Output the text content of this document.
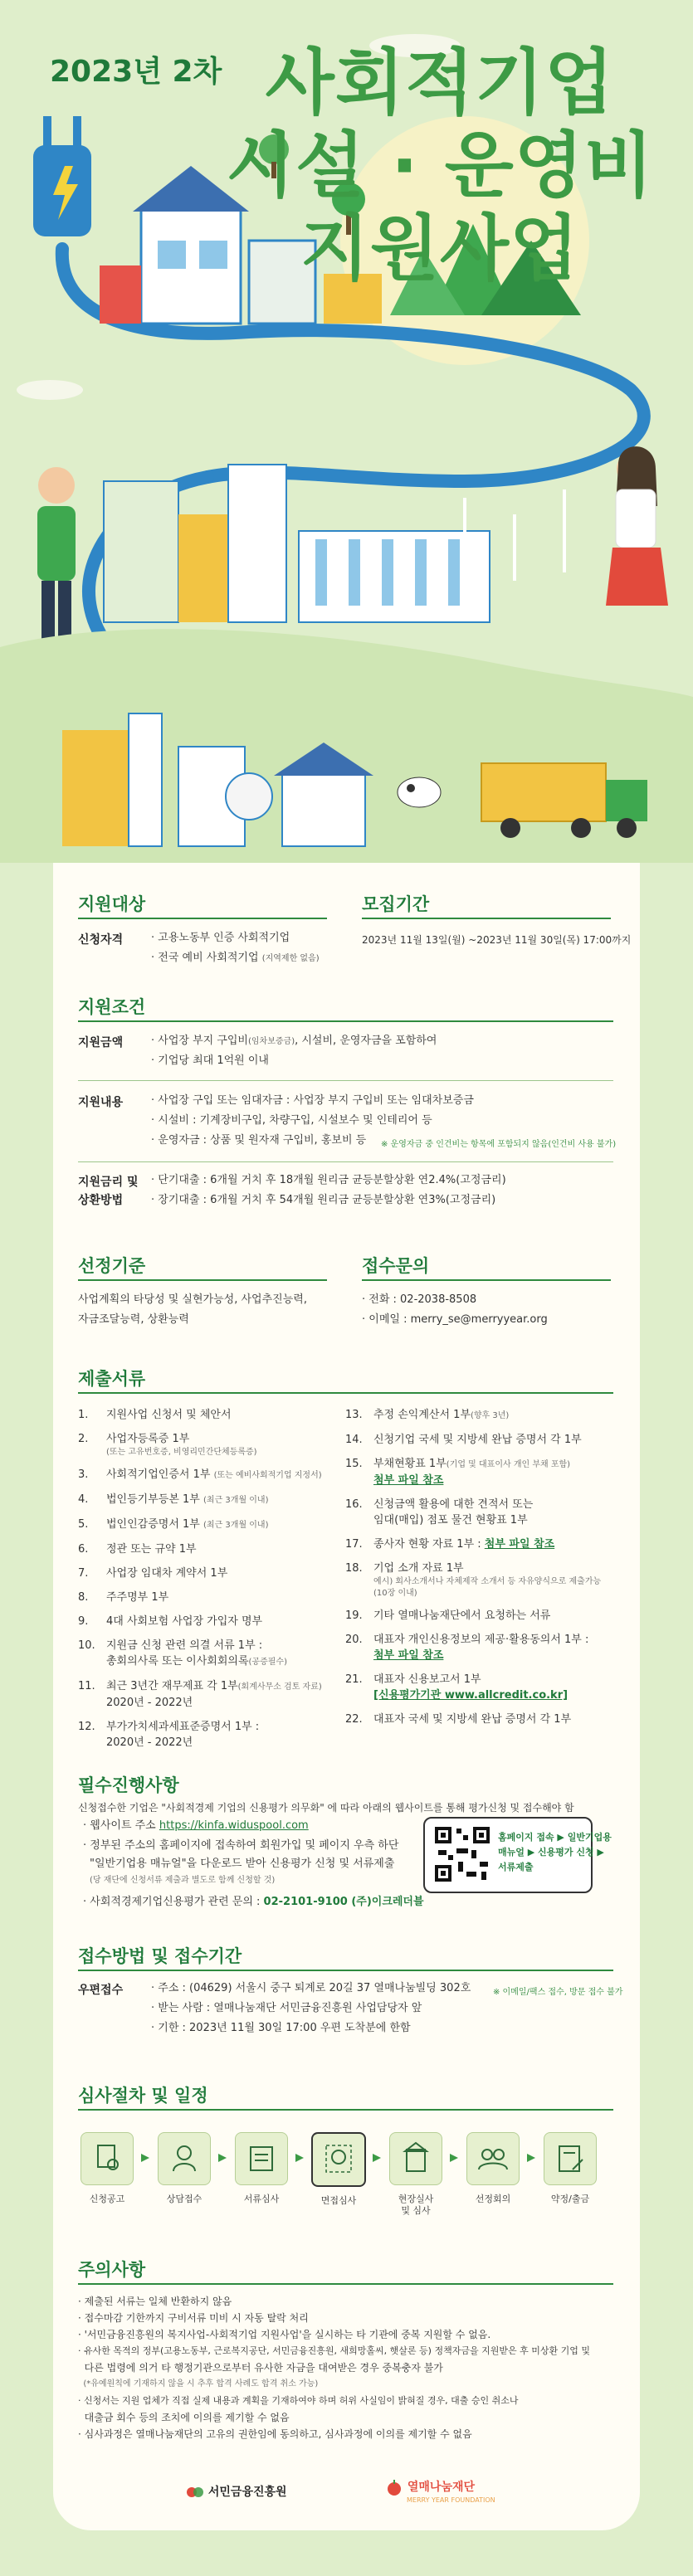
2023년 2차 사회적기업
시설 · 운영비
지원사업
지원대상
신청자격	· 고용노동부 인증 사회적기업
· 전국 예비 사회적기업 (지역제한 없음)
모집기간
2023년 11월 13일(월) ~2023년 11월 30일(목) 17:00까지
지원조건
지원금액	· 사업장 부지 구입비(임차보증금), 시설비, 운영자금을 포함하여
· 기업당 최대 1억원 이내
지원내용	· 사업장 구입 또는 임대자금 : 사업장 부지 구입비 또는 임대차보증금
· 시설비 : 기계장비구입, 차량구입, 시설보수 및 인테리어 등
· 운영자금 : 상품 및 원자재 구입비, 홍보비 등 ※ 운영자금 중 인건비는 항목에 포함되지 않음(인건비 사용 불가)
지원금리 및
상환방법
· 단기대출 : 6개월 거치 후 18개월 원리금 균등분할상환 연2.4%(고정금리)
· 장기대출 : 6개월 거치 후 54개월 원리금 균등분할상환 연3%(고정금리)
선정기준
사업계획의 타당성 및 실현가능성, 사업추진능력,
자금조달능력, 상환능력
접수문의
· 전화 : 02-2038-8508
· 이메일 : merry_se@merryyear.org
제출서류
1. 지원사업 신청서 및 체안서
2. 사업자등록증 1부
(또는 고유번호증, 비영리민간단체등록증)
3. 사회적기업인증서 1부 (또는 예비사회적기업 지정서)
4. 법인등기부등본 1부 (최근 3개월 이내)
5. 법인인감증명서 1부 (최근 3개월 이내)
6. 정관 또는 규약 1부
7. 사업장 임대차 계약서 1부
8. 주주명부 1부
9. 4대 사회보험 사업장 가입자 명부
10. 지원금 신청 관련 의결 서류 1부 :
총회의사록 또는 이사회회의록(공증필수)
11. 최근 3년간 재무제표 각 1부(회계사무소 검토 자료)
2020년 - 2022년
12. 부가가치세과세표준증명서 1부 :
2020년 - 2022년
13. 추정 손익계산서 1부(향후 3년)
14. 신청기업 국세 및 지방세 완납 증명서 각 1부
15. 부채현황표 1부(기업 및 대표이사 개인 부채 포함)
첨부 파일 참조
16. 신청금액 활용에 대한 견적서 또는
임대(매입) 점포 물건 현황표 1부
17. 종사자 현황 자료 1부 : 첨부 파일 참조
18. 기업 소개 자료 1부
예시) 회사소개서나 자체제작 소개서 등 자유양식으로 제출가능(10장 이내)
19. 기타 열매나눔재단에서 요청하는 서류
20. 대표자 개인신용정보의 제공·활용동의서 1부 :
첨부 파일 참조
21. 대표자 신용보고서 1부
[신용평가기관 www.allcredit.co.kr]
22. 대표자 국세 및 지방세 완납 증명서 각 1부
필수진행사항
신청접수한 기업은 "사회적경제 기업의 신용평가 의무화" 에 따라 아래의 웹사이트를 통해 평가신청 및 접수해야 함
· 웹사이트 주소 https://kinfa.widuspool.com
· 정부된 주소의 홈페이지에 접속하여 회원가입 및 페이지 우측 하단
"일반기업용 매뉴얼"을 다운로드 받아 신용평가 신청 및 서류제출
(당 재단에 신청서류 제출과 별도로 함께 신청할 것)
· 사회적경제기업신용평가 관련 문의 : 02-2101-9100 (주)이크레더블
홈페이지 접속 ▶ 일반기업용
매뉴얼 ▶ 신용평가 신청 ▶
서류제출
접수방법 및 접수기간
우편접수	· 주소 : (04629) 서울시 중구 퇴계로 20길 37 열매나눔빌딩 302호	※ 이메일/팩스 접수, 방문 접수 불가
· 받는 사람 : 열매나눔재단 서민금융진흥원 사업담당자 앞
· 기한 : 2023년 11월 30일 17:00 우편 도착분에 한함
심사절차 및 일정
신청공고	상담접수	서류심사	면접심사	현장실사
및 심사
선정회의	약정/출금
주의사항
· 제출된 서류는 일체 반환하지 않음
· 접수마감 기한까지 구비서류 미비 시 자동 탈락 처리
· '서민금융진흥원의 복지사업-사회적기업 지원사업'을 실시하는 타 기관에 중복 지원할 수 없음.
· 유사한 목적의 정부(고용노동부, 근로복지공단, 서민금융진흥원, 새희망홀씨, 햇살론 등) 정책자금을 지원받은 후 미상환 기업 및
다른 법령에 의거 타 행정기관으로부터 유사한 자금을 대여받은 경우 중복충자 불가
(*유예원칙에 기재하지 않을 시 추후 합격 사례도 합격 취소 가능)
· 신청서는 지원 업체가 직접 실제 내용과 계획을 기재하여야 하며 허위 사실임이 밝혀질 경우, 대출 승인 취소나
대출금 회수 등의 조치에 이의를 제기할 수 없음
· 심사과정은 열매나눔재단의 고유의 권한임에 동의하고, 심사과정에 이의를 제기할 수 없음
서민금융진흥원	열매나눔재단
MERRY YEAR FOUNDATION
